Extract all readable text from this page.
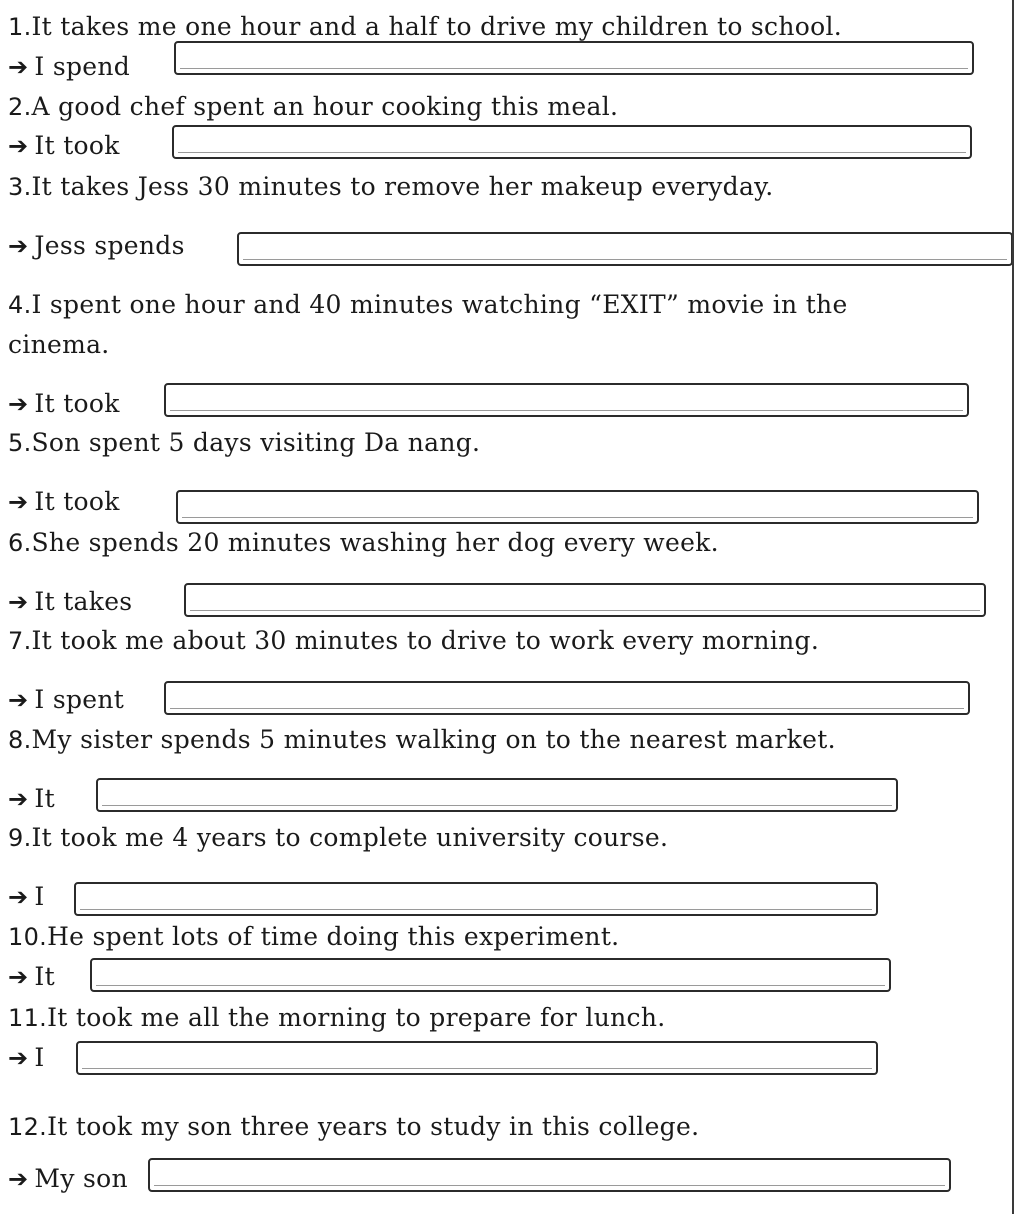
1.It takes me one hour and a half to drive my children to school.
➔ I spend
2.A good chef spent an hour cooking this meal.
➔ It took
3.It takes Jess 30 minutes to remove her makeup everyday.
➔ Jess spends
4.I spent one hour and 40 minutes watching “EXIT” movie in the
cinema.
➔ It took
5.Son spent 5 days visiting Da nang.
➔ It took
6.She spends 20 minutes washing her dog every week.
➔ It takes
7.It took me about 30 minutes to drive to work every morning.
➔ I spent
8.My sister spends 5 minutes walking on to the nearest market.
➔ It
9.It took me 4 years to complete university course.
➔ I
10.He spent lots of time doing this experiment.
➔ It
11.It took me all the morning to prepare for lunch.
➔ I
12.It took my son three years to study in this college.
➔ My son
